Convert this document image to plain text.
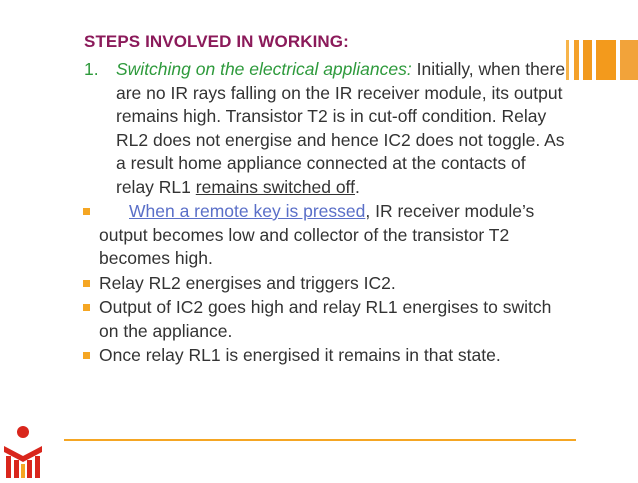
STEPS INVOLVED IN WORKING:
1. Switching on the electrical appliances: Initially, when there are no IR rays falling on the IR receiver module, its output remains high. Transistor T2 is in cut-off condition. Relay RL2 does not energise and hence IC2 does not toggle. As a result home appliance connected at the contacts of relay RL1 remains switched off.
When a remote key is pressed, IR receiver module’s output becomes low and collector of the transistor T2 becomes high.
Relay RL2 energises and triggers IC2.
Output of IC2 goes high and relay RL1 energises to switch on the appliance.
Once relay RL1 is energised it remains in that state.
